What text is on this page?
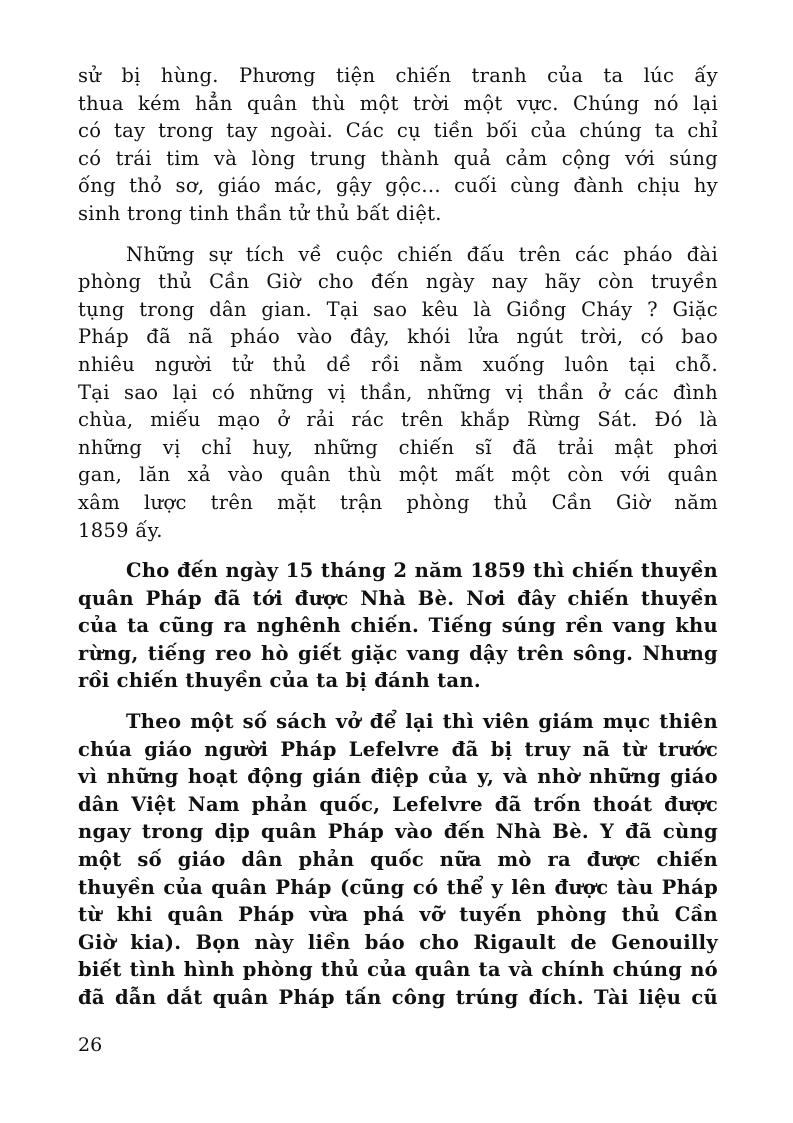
sử bị hùng. Phương tiện chiến tranh của ta lúc ấy
thua kém hẳn quân thù một trời một vực. Chúng nó lại
có tay trong tay ngoài. Các cụ tiền bối của chúng ta chỉ
có trái tim và lòng trung thành quả cảm cộng với súng
ống thỏ sơ, giáo mác, gậy gộc... cuối cùng đành chịu hy
sinh trong tinh thần tử thủ bất diệt.
Những sự tích về cuộc chiến đấu trên các pháo đài
phòng thủ Cần Giờ cho đến ngày nay hãy còn truyền
tụng trong dân gian. Tại sao kêu là Giồng Cháy ? Giặc
Pháp đã nã pháo vào đây, khói lửa ngút trời, có bao
nhiêu người tử thủ dề rồi nằm xuống luôn tại chỗ.
Tại sao lại có những vị thần, những vị thần ở các đình
chùa, miếu mạo ở rải rác trên khắp Rừng Sát. Đó là
những vị chỉ huy, những chiến sĩ đã trải mật phơi
gan, lăn xả vào quân thù một mất một còn với quân
xâm lược trên mặt trận phòng thủ Cần Giờ năm
1859 ấy.
Cho đến ngày 15 tháng 2 năm 1859 thì chiến thuyền
quân Pháp đã tới được Nhà Bè. Nơi đây chiến thuyền
của ta cũng ra nghênh chiến. Tiếng súng rền vang khu
rừng, tiếng reo hò giết giặc vang dậy trên sông. Nhưng
rồi chiến thuyền của ta bị đánh tan.
Theo một số sách vở để lại thì viên giám mục thiên
chúa giáo người Pháp Lefelvre đã bị truy nã từ trước
vì những hoạt động gián điệp của y, và nhờ những giáo
dân Việt Nam phản quốc, Lefelvre đã trốn thoát được
ngay trong dịp quân Pháp vào đến Nhà Bè. Y đã cùng
một số giáo dân phản quốc nữa mò ra được chiến
thuyền của quân Pháp (cũng có thể y lên được tàu Pháp
từ khi quân Pháp vừa phá vỡ tuyến phòng thủ Cần
Giờ kia). Bọn này liền báo cho Rigault de Genouilly
biết tình hình phòng thủ của quân ta và chính chúng nó
đã dẫn dắt quân Pháp tấn công trúng đích. Tài liệu cũ
26
